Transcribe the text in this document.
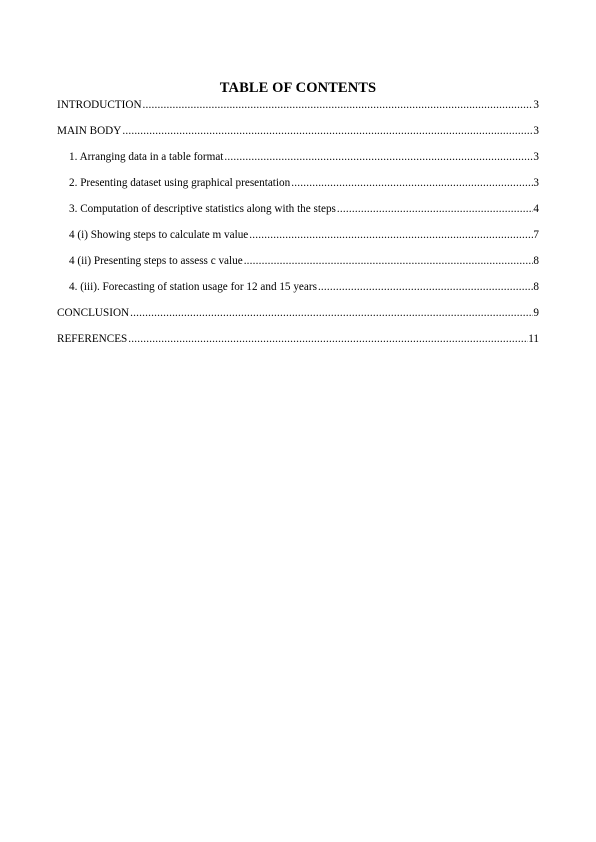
TABLE OF CONTENTS
INTRODUCTION .....	3
MAIN BODY .....	3
1. Arranging data in a table format .....	3
2. Presenting dataset using graphical presentation .....	3
3. Computation of descriptive statistics along with the steps .....	4
4 (i) Showing steps to calculate m value .....	7
4 (ii) Presenting steps to assess c value .....	8
4. (iii). Forecasting of station usage for 12 and 15 years .....	8
CONCLUSION .....	9
REFERENCES .....	11
